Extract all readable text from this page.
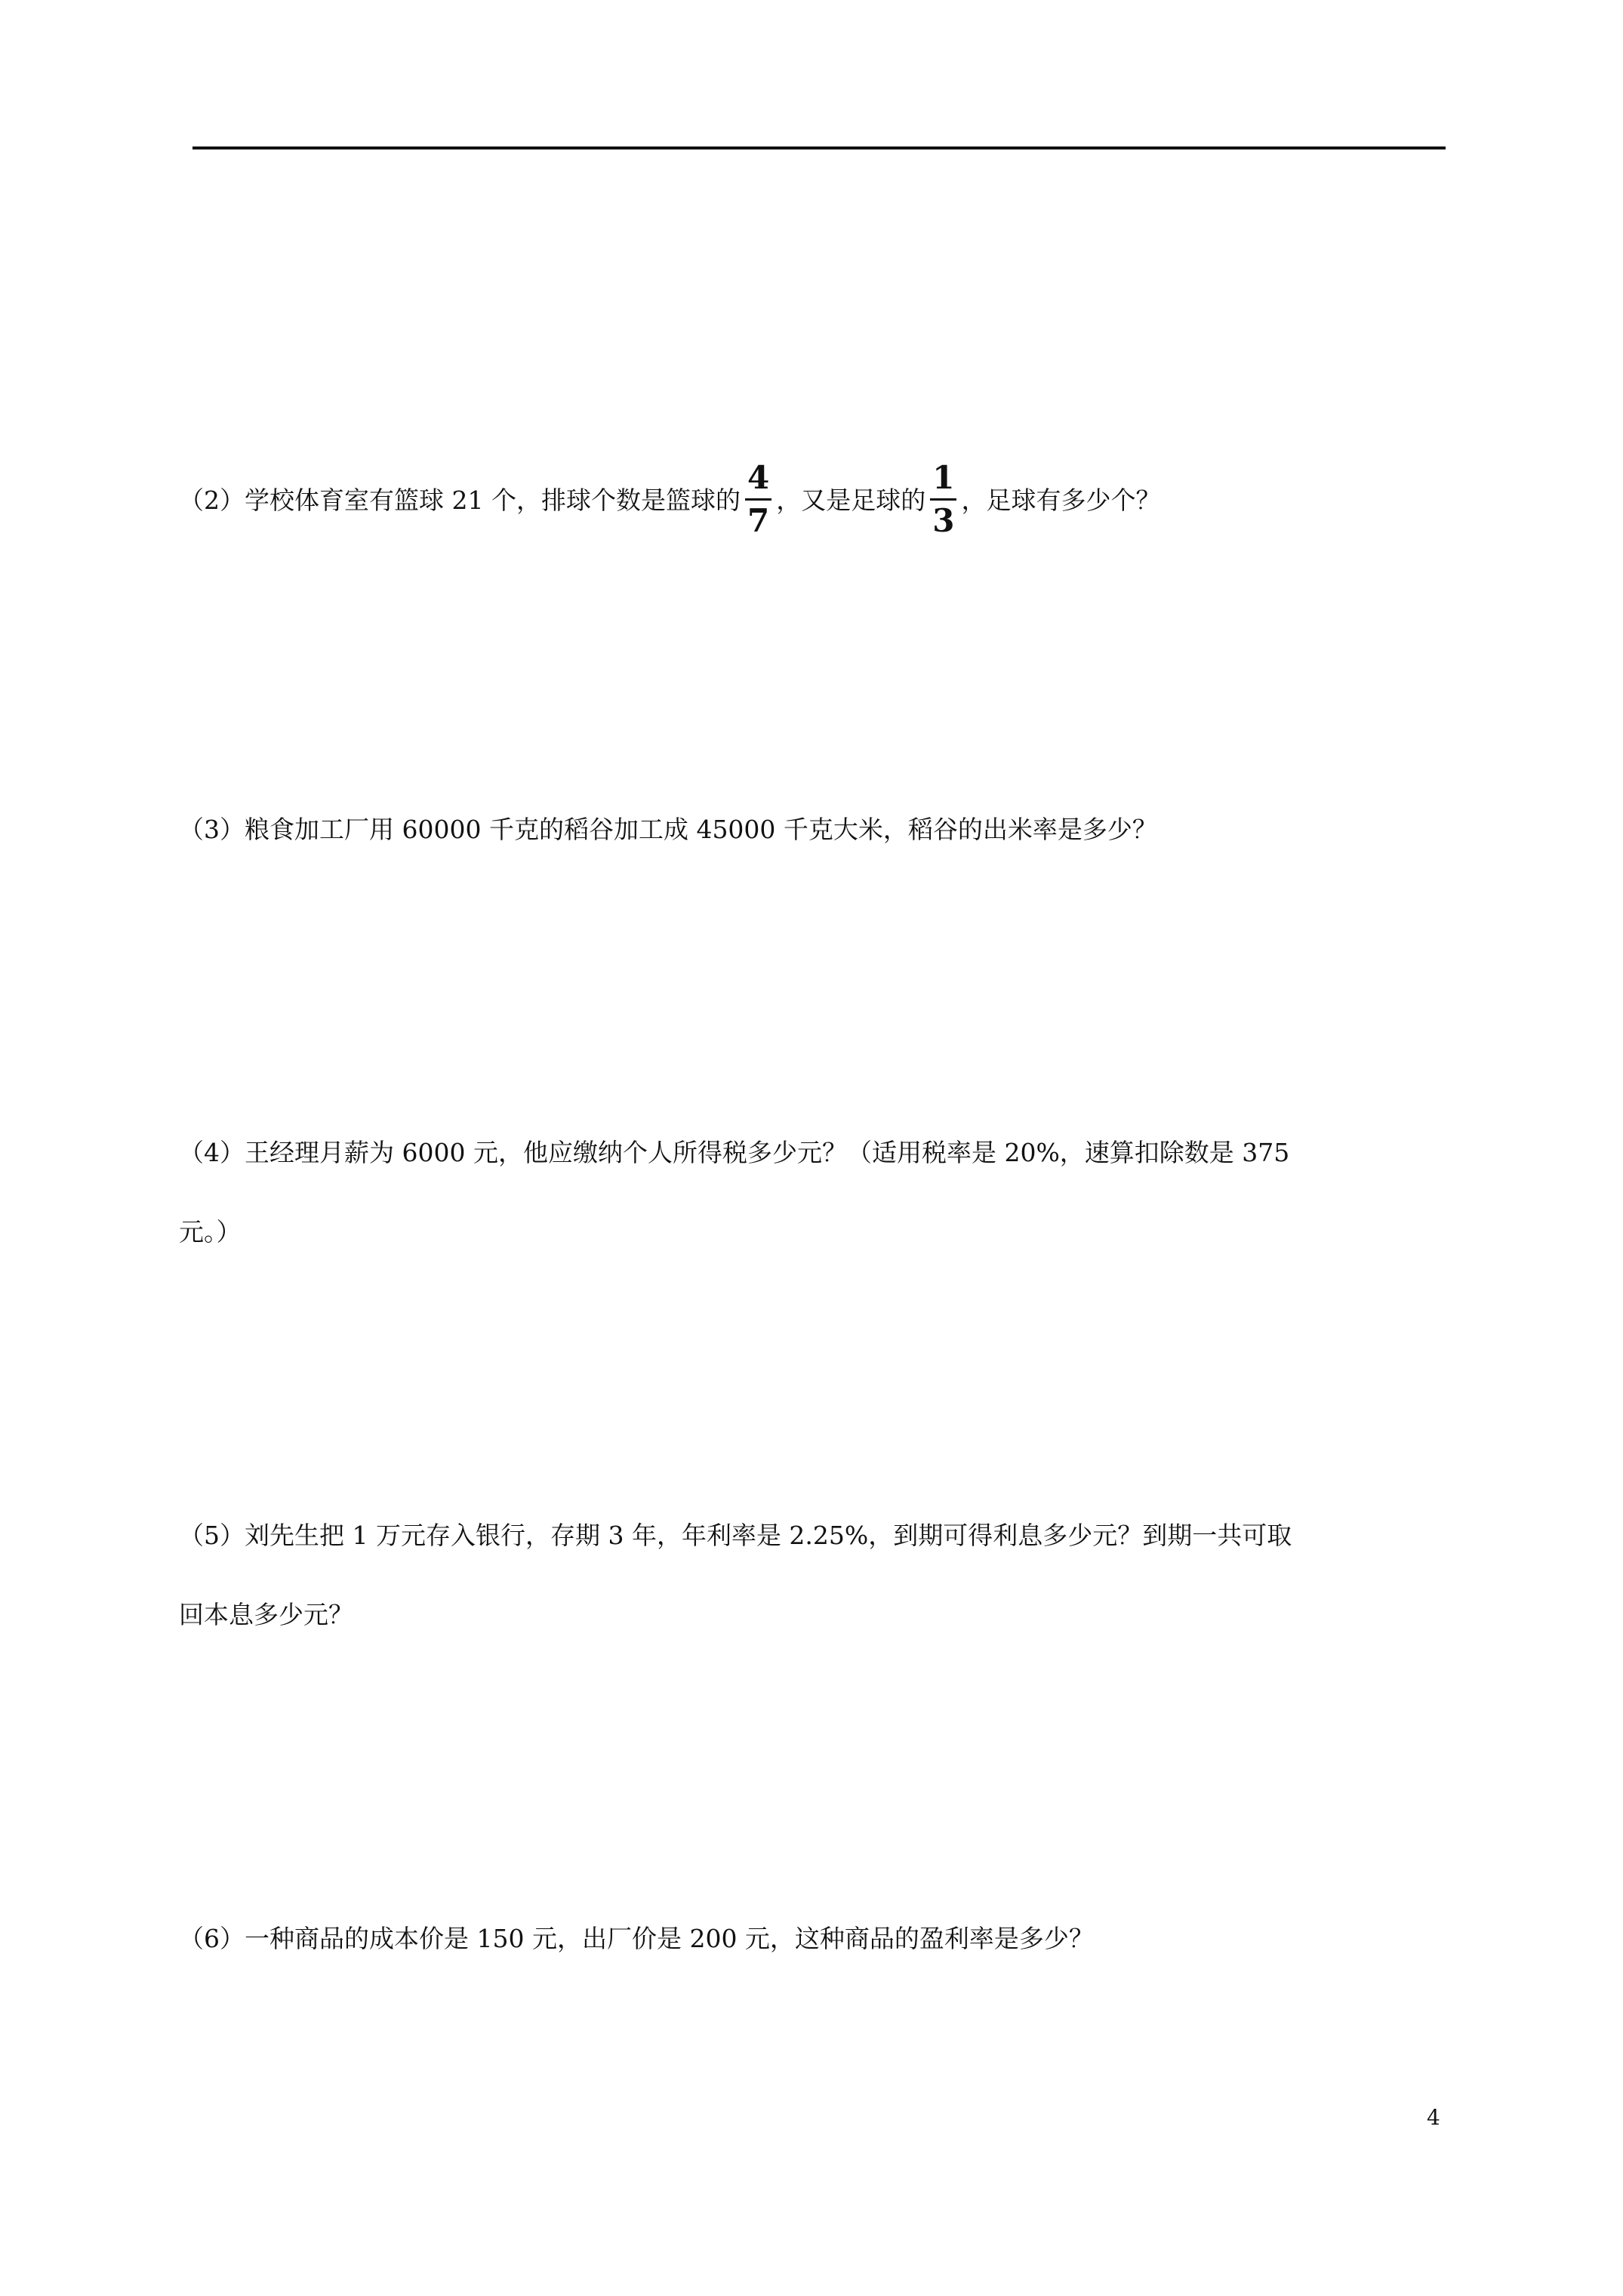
（2）学校体育室有篮球 21 个，排球个数是篮球的 $\frac{4}{7}$ ，又是足球的 $\frac{1}{3}$ ，足球有多少个？
（3）粮食加工厂用 60000 千克的稻谷加工成 45000 千克大米，稻谷的出米率是多少？
（4）王经理月薪为 6000 元，他应缴纳个人所得税多少元？（适用税率是 20%，速算扣除数是 375
元。）
（5）刘先生把 1 万元存入银行，存期 3 年，年利率是 2.25%，到期可得利息多少元？到期一共可取
回本息多少元？
（6）一种商品的成本价是 150 元，出厂价是 200 元，这种商品的盈利率是多少？
4
